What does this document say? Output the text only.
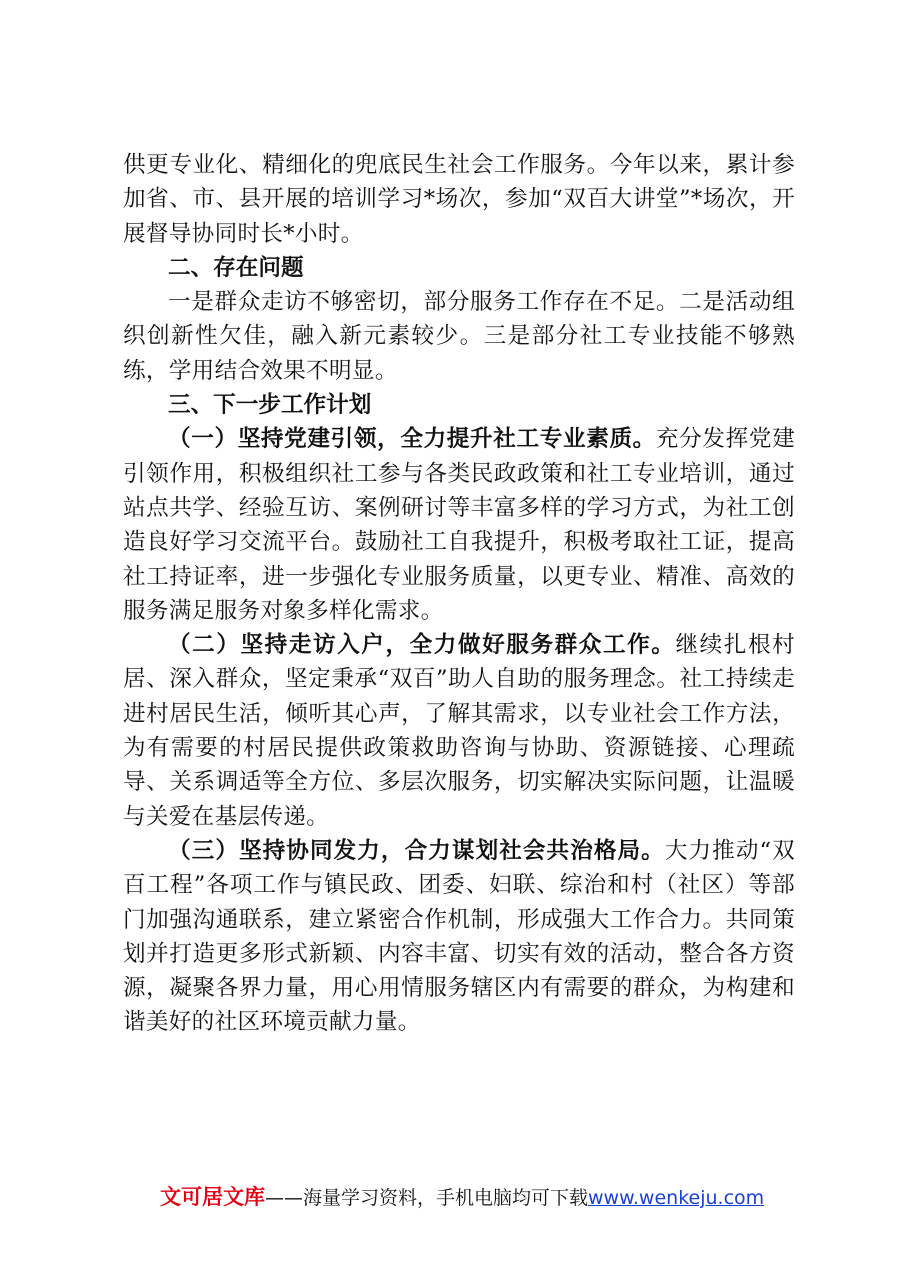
供更专业化、精细化的兜底民生社会工作服务。今年以来，累计参加省、市、县开展的培训学习*场次，参加“双百大讲堂”*场次，开展督导协同时长*小时。

二、存在问题

一是群众走访不够密切，部分服务工作存在不足。二是活动组织创新性欠佳，融入新元素较少。三是部分社工专业技能不够熟练，学用结合效果不明显。

三、下一步工作计划

（一）坚持党建引领，全力提升社工专业素质。充分发挥党建引领作用，积极组织社工参与各类民政政策和社工专业培训，通过站点共学、经验互访、案例研讨等丰富多样的学习方式，为社工创造良好学习交流平台。鼓励社工自我提升，积极考取社工证，提高社工持证率，进一步强化专业服务质量，以更专业、精准、高效的服务满足服务对象多样化需求。

（二）坚持走访入户，全力做好服务群众工作。继续扎根村居、深入群众，坚定秉承“双百”助人自助的服务理念。社工持续走进村居民生活，倾听其心声，了解其需求，以专业社会工作方法，为有需要的村居民提供政策救助咨询与协助、资源链接、心理疏导、关系调适等全方位、多层次服务，切实解决实际问题，让温暖与关爱在基层传递。

（三）坚持协同发力，合力谋划社会共治格局。大力推动“双百工程”各项工作与镇民政、团委、妇联、综治和村（社区）等部门加强沟通联系，建立紧密合作机制，形成强大工作合力。共同策划并打造更多形式新颖、内容丰富、切实有效的活动，整合各方资源，凝聚各界力量，用心用情服务辖区内有需要的群众，为构建和谐美好的社区环境贡献力量。

文可居文库——海量学习资料，手机电脑均可下载www.wenkeju.com
